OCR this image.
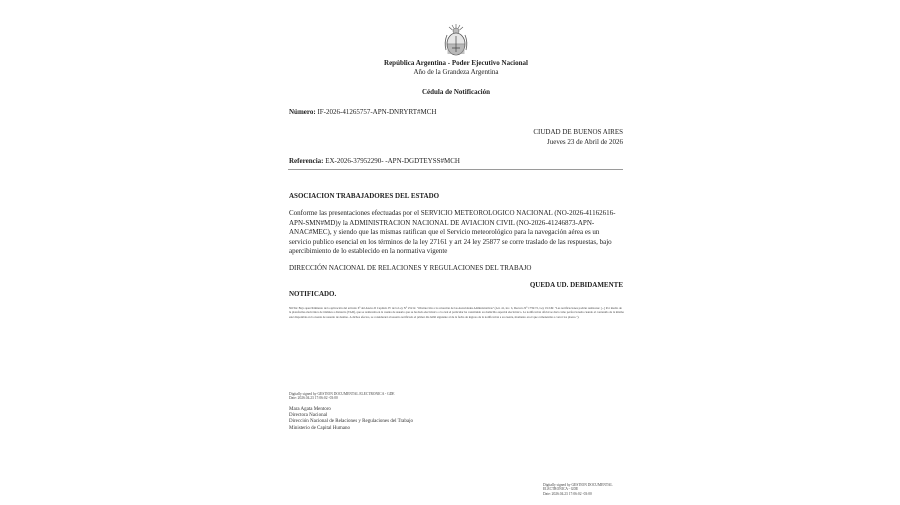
República Argentina - Poder Ejecutivo Nacional
Año de la Grandeza Argentina
Cédula de Notificación
Número: IF-2026-41265757-APN-DNRYRT#MCH
CIUDAD DE BUENOS AIRES
Jueves 23 de Abril de 2026
Referencia: EX-2026-37952290- -APN-DGDTEYSS#MCH
ASOCIACION TRABAJADORES DEL ESTADO
Conforme las presentaciones efectuadas por el SERVICIO METEOROLOGICO NACIONAL (NO-2026-41162616-APN-SMN#MD)y la ADMINISTRACION NACIONAL DE AVIACION CIVIL (NO-2026-41246873-APN-ANAC#MEC), y siendo que las mismas ratifican que el Servicio meteorológico para la navegación aérea es un servicio publico esencial en los términos de la ley 27161 y art 24 ley 25877 se corre traslado de las respuestas, bajo apercibimiento de lo establecido en la normativa vigente
DIRECCIÓN NACIONAL DE RELACIONES Y REGULACIONES DEL TRABAJO
QUEDA UD. DEBIDAMENTE
NOTIFICADO.
NOTA: Bajo apercibimiento de la aplicación del artículo 6° del Anexo II Capítulo IV de la Ley N° 25212. "Obstrucción a la actuación de las Autoridades Administrativas" (Art. 41, inc. b, Decreto N° 1759/72, Ley 19.549: "Las notificaciones podrán realizarse: [...] Por medio de la plataforma electrónica de trámites a distancia (TAD), que se realizarán en la cuenta de usuario que se ha dado electrónico o la cual el particular ha constituido su domicilio especial electrónico. La notificación oficial se dará como perfeccionada cuando el contenido de la misma esté disponible en la cuenta de usuario de destino. A dichos efectos, se considerará al usuario notificado el primer día hábil siguiente al de la fecha de ingreso de la notificación a su cuenta, momento en el que comenzarán a correr los plazos.").
Digitally signed by GESTION DOCUMENTAL ELECTRONICA - GDE
Date: 2026.04.23 17:06:02 -03:00
Mara Agata Mentoro
Directora Nacional
Dirección Nacional de Relaciones y Regulaciones del Trabajo
Ministerio de Capital Humano
Digitally signed by GESTION DOCUMENTAL
ELECTRONICA - GDE
Date: 2026.04.23 17:06:02 -03:00
